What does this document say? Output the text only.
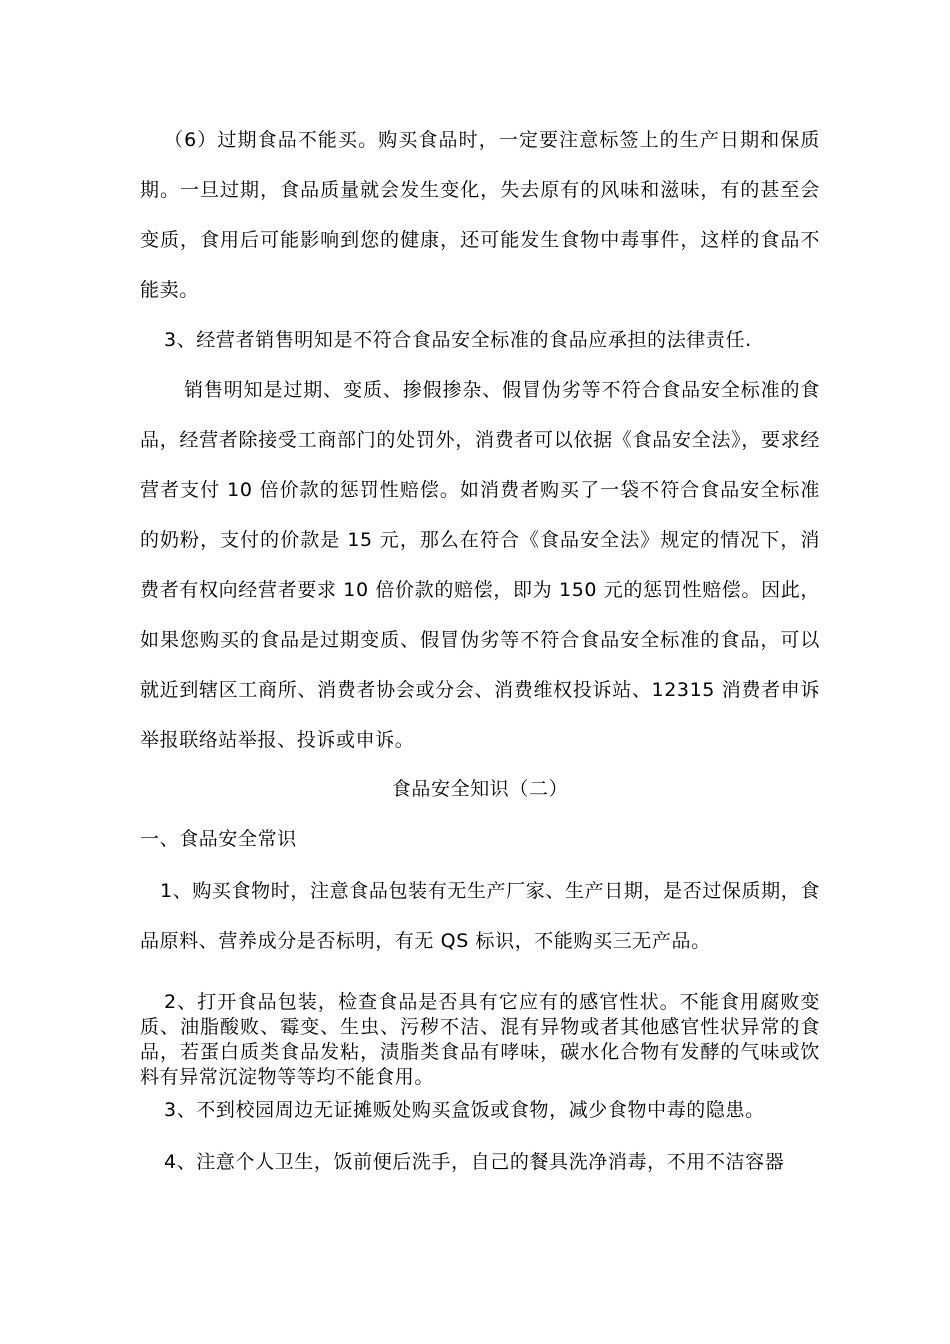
（6）过期食品不能买。购买食品时，一定要注意标签上的生产日期和保质期。一旦过期，食品质量就会发生变化，失去原有的风味和滋味，有的甚至会变质，食用后可能影响到您的健康，还可能发生食物中毒事件，这样的食品不能卖。

3、经营者销售明知是不符合食品安全标准的食品应承担的法律责任.

销售明知是过期、变质、掺假掺杂、假冒伪劣等不符合食品安全标准的食品，经营者除接受工商部门的处罚外，消费者可以依据《食品安全法》，要求经营者支付 10 倍价款的惩罚性赔偿。如消费者购买了一袋不符合食品安全标准的奶粉，支付的价款是 15 元，那么在符合《食品安全法》规定的情况下，消费者有权向经营者要求 10 倍价款的赔偿，即为 150 元的惩罚性赔偿。因此，如果您购买的食品是过期变质、假冒伪劣等不符合食品安全标准的食品，可以就近到辖区工商所、消费者协会或分会、消费维权投诉站、12315 消费者申诉举报联络站举报、投诉或申诉。

食品安全知识（二）

一、食品安全常识

1、购买食物时，注意食品包装有无生产厂家、生产日期，是否过保质期，食品原料、营养成分是否标明，有无 QS 标识，不能购买三无产品。

2、打开食品包装，检查食品是否具有它应有的感官性状。不能食用腐败变质、油脂酸败、霉变、生虫、污秽不洁、混有异物或者其他感官性状异常的食品，若蛋白质类食品发粘，渍脂类食品有哮味，碳水化合物有发酵的气味或饮料有异常沉淀物等等均不能食用。

3、不到校园周边无证摊贩处购买盒饭或食物，减少食物中毒的隐患。

4、注意个人卫生，饭前便后洗手，自己的餐具洗净消毒，不用不洁容器
